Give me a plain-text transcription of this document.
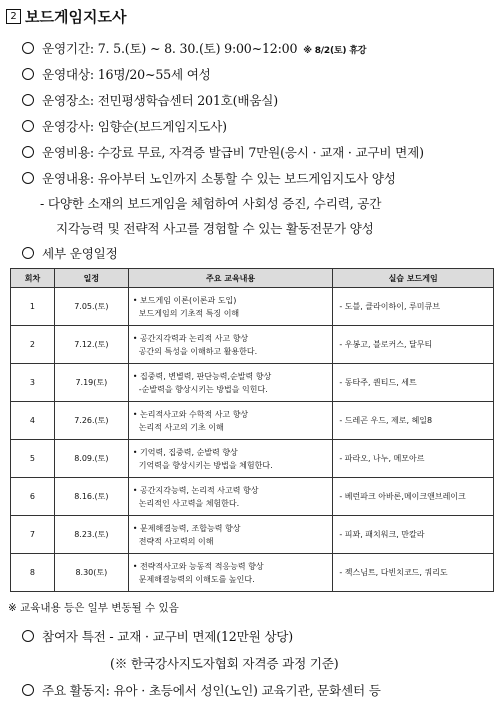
2 보드게임지도사
운영기간: 7. 5.(토) ~ 8. 30.(토) 9:00~12:00 ※ 8/2(토) 휴강
운영대상: 16명/20~55세 여성
운영장소: 전민평생학습센터 201호(배움실)
운영강사: 임향순(보드게임지도사)
운영비용: 수강료 무료, 자격증 발급비 7만원(응시 · 교재 · 교구비 면제)
운영내용: 유아부터 노인까지 소통할 수 있는 보드게임지도사 양성
- 다양한 소재의 보드게임을 체험하여 사회성 증진, 수리력, 공간
지각능력 및 전략적 사고를 경험할 수 있는 활동전문가 양성
세부 운영일정
회차	일정	주요 교육내용	실습 보드게임
1	7.05.(토)	• 보드게임 이론(이론과 도입)
보드게임의 기초적 특징 이해	- 도블, 클라이하이, 루미큐브
2	7.12.(토)	• 공간지각력과 논리적 사고 향상
공간의 특성을 이해하고 활용한다.	- 우봉고, 블로커스, 달무티
3	7.19(토)	• 집중력, 변별력, 판단능력,순발력 향상
-순발력을 향상시키는 방법을 익힌다.	- 동타주, 퀀티드, 세트
4	7.26.(토)	• 논리적사고와 수학적 사고 향상
논리적 사고의 기초 이해	- 드레곤 우드, 제로, 헤일8
5	8.09.(토)	• 기억력, 집중력, 순발력 향상
기억력을 향상시키는 방법을 체험한다.	- 파라오, 나누, 메모아르
6	8.16.(토)	• 공간지각능력, 논리적 사고력 향상
논리적인 사고력을 체험한다.	- 베런파크 아바론,메이크앤브레이크
7	8.23.(토)	• 문제해결능력, 조합능력 향상
전략적 사고력의 이해	- 피꽈, 패치워크, 만칼라
8	8.30(토)	• 전략적사고와 능동적 적응능력 향상
문제해결능력의 이해도를 높인다.	- 젝스님트, 다빈치코드, 쿼리도
※ 교육내용 등은 일부 변동될 수 있음
참여자 특전 - 교재 · 교구비 면제(12만원 상당)
(※ 한국강사지도자협회 자격증 과정 기준)
주요 활동지: 유아 · 초등에서 성인(노인) 교육기관, 문화센터 등
